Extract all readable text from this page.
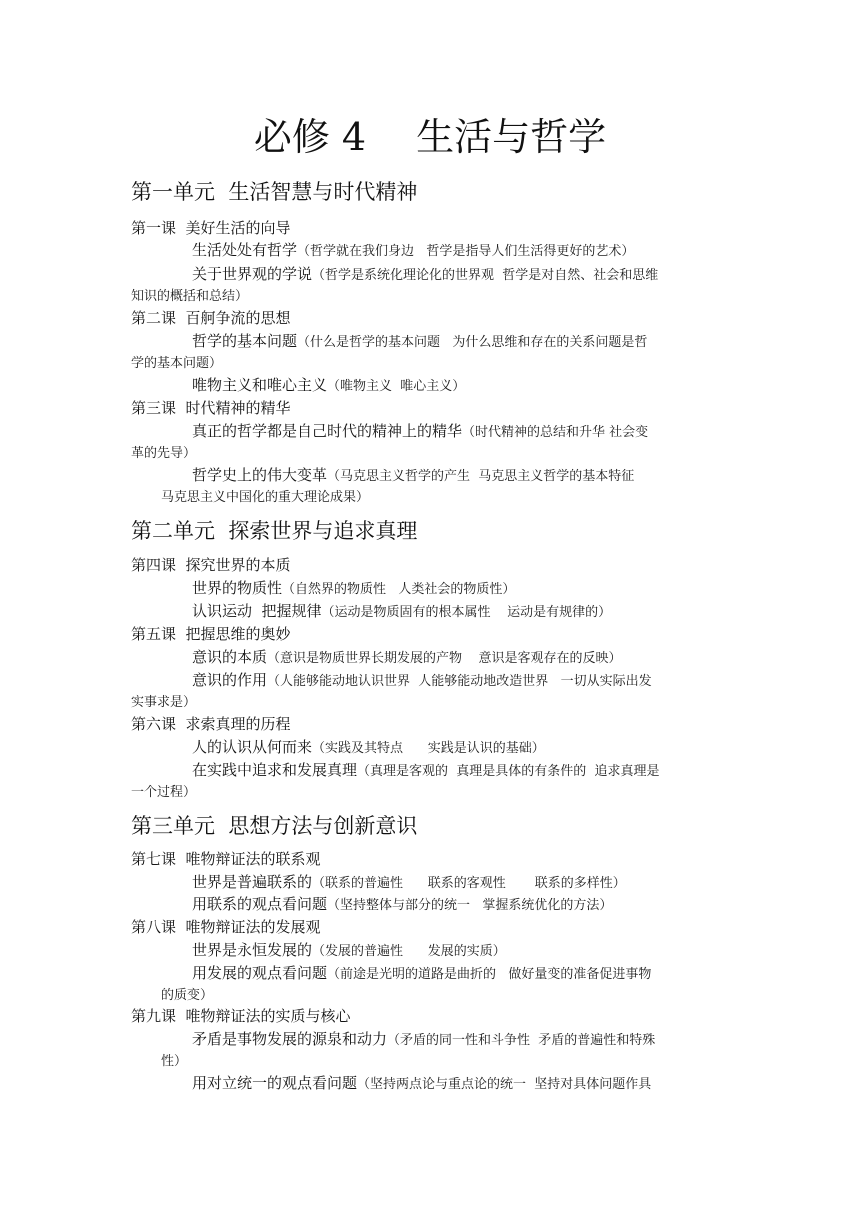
必修 4　 生活与哲学
第一单元  生活智慧与时代精神
第一课  美好生活的向导
生活处处有哲学（哲学就在我们身边   哲学是指导人们生活得更好的艺术）
关于世界观的学说（哲学是系统化理论化的世界观  哲学是对自然、社会和思维
知识的概括和总结）
第二课  百舸争流的思想
哲学的基本问题（什么是哲学的基本问题   为什么思维和存在的关系问题是哲
学的基本问题）
唯物主义和唯心主义（唯物主义  唯心主义）
第三课  时代精神的精华
真正的哲学都是自己时代的精神上的精华（时代精神的总结和升华 社会变
革的先导）
哲学史上的伟大变革（马克思主义哲学的产生  马克思主义哲学的基本特征
马克思主义中国化的重大理论成果）
第二单元  探索世界与追求真理
第四课  探究世界的本质
世界的物质性（自然界的物质性   人类社会的物质性）
认识运动  把握规律（运动是物质固有的根本属性    运动是有规律的）
第五课  把握思维的奥妙
意识的本质（意识是物质世界长期发展的产物    意识是客观存在的反映）
意识的作用（人能够能动地认识世界  人能够能动地改造世界   一切从实际出发
实事求是）
第六课  求索真理的历程
人的认识从何而来（实践及其特点      实践是认识的基础）
在实践中追求和发展真理（真理是客观的  真理是具体的有条件的  追求真理是
一个过程）
第三单元  思想方法与创新意识
第七课  唯物辩证法的联系观
世界是普遍联系的（联系的普遍性      联系的客观性       联系的多样性）
用联系的观点看问题（坚持整体与部分的统一   掌握系统优化的方法）
第八课  唯物辩证法的发展观
世界是永恒发展的（发展的普遍性      发展的实质）
用发展的观点看问题（前途是光明的道路是曲折的   做好量变的准备促进事物
的质变）
第九课  唯物辩证法的实质与核心
矛盾是事物发展的源泉和动力（矛盾的同一性和斗争性  矛盾的普遍性和特殊
性）
用对立统一的观点看问题（坚持两点论与重点论的统一  坚持对具体问题作具
